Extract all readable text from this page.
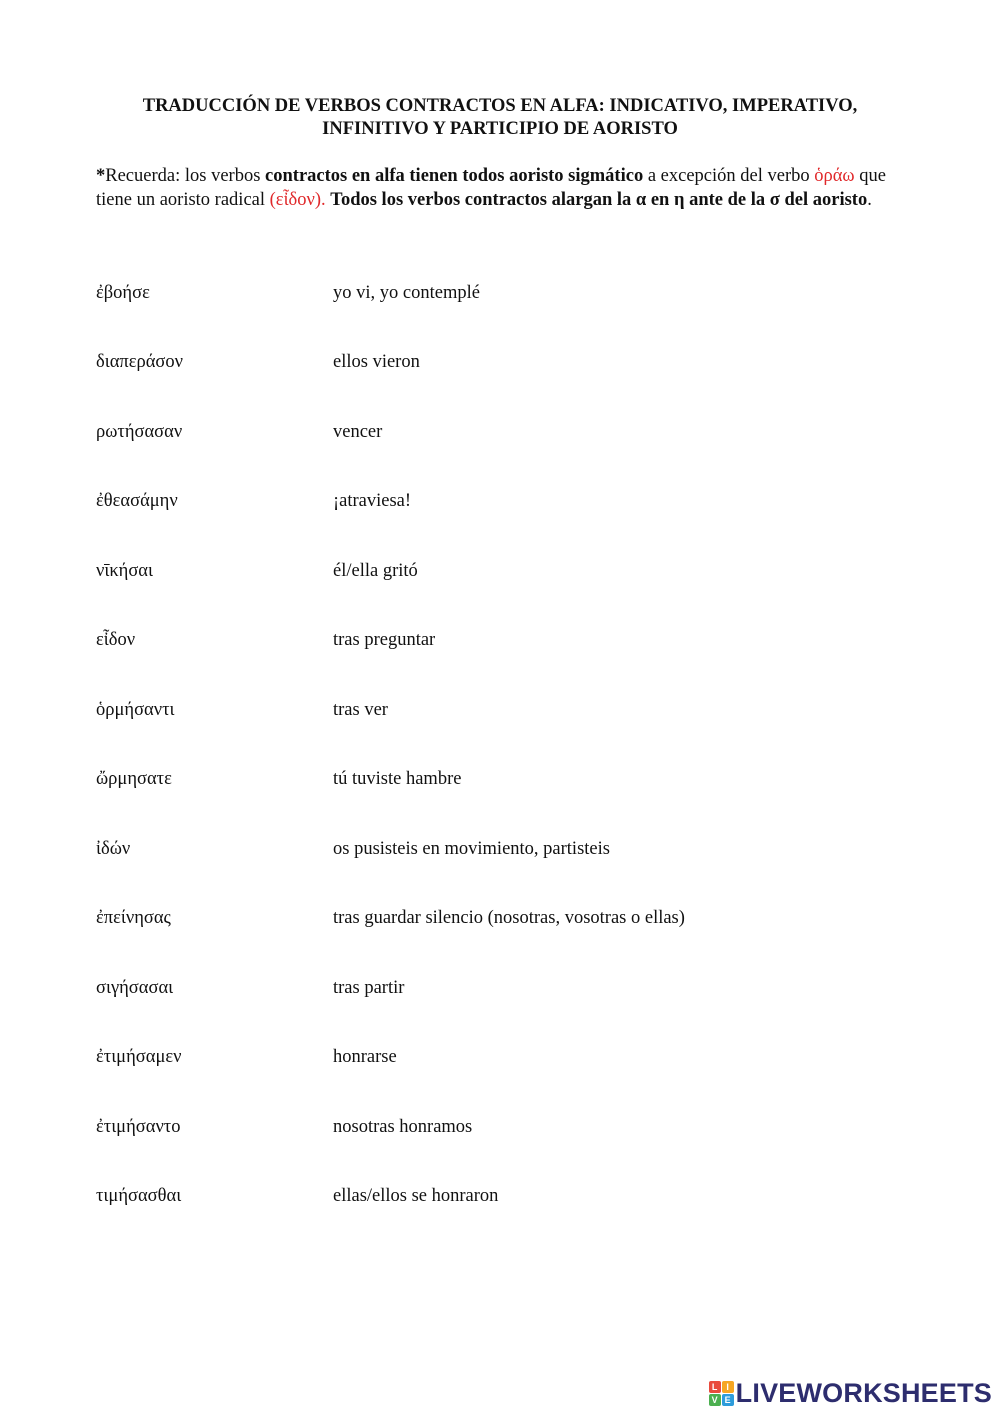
TRADUCCIÓN DE VERBOS CONTRACTOS EN ALFA: INDICATIVO, IMPERATIVO,
INFINITIVO Y PARTICIPIO DE AORISTO
*Recuerda: los verbos contractos en alfa tienen todos aoristo sigmático a excepción del verbo ὁράω que tiene un aoristo radical (εἶδον). Todos los verbos contractos alargan la α en η ante de la σ del aoristo.
ἐβοήσε	yo vi, yo contemplé
διαπεράσον	ellos vieron
ρωτήσασαν	vencer
ἐθεασάμην	¡atraviesa!
νῑκήσαι	él/ella gritó
εἶδον	tras preguntar
ὁρμήσαντι	tras ver
ὤρμησατε	tú tuviste hambre
ἰδών	os pusisteis en movimiento, partisteis
ἐπείνησας	tras guardar silencio (nosotras, vosotras o ellas)
σιγήσασαι	tras partir
ἐτιμήσαμεν	honrarse
ἐτιμήσαντο	nosotras honramos
τιμήσασθαι	ellas/ellos se honraron
L I
V E LIVEWORKSHEETS
